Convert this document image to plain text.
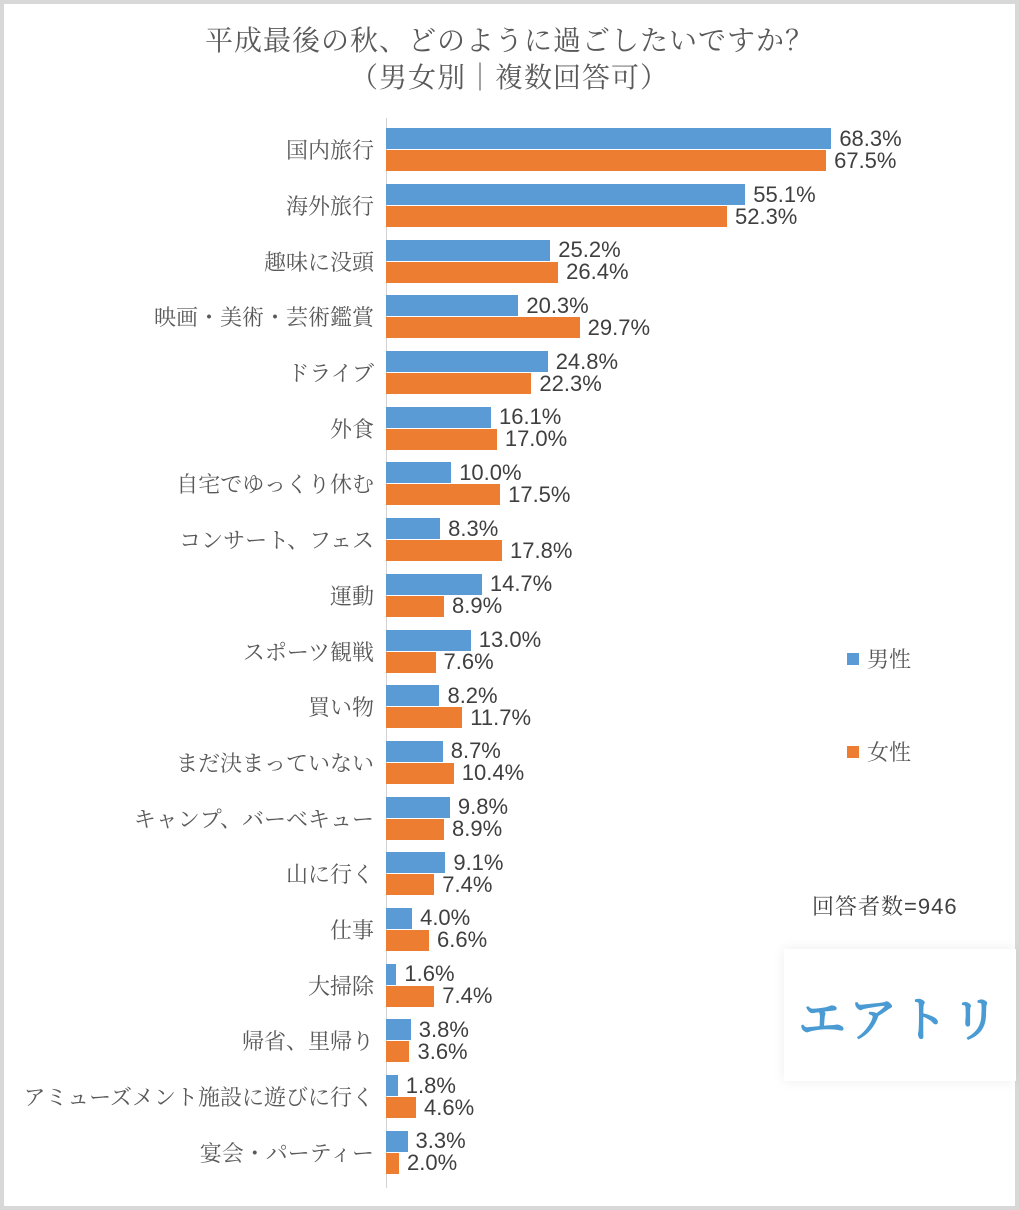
平成最後の秋、どのように過ごしたいですか？
（男女別｜複数回答可）
国内旅行	68.3%
67.5%
海外旅行	55.1%
52.3%
趣味に没頭	25.2%
26.4%
映画・美術・芸術鑑賞	20.3%
29.7%
ドライブ	24.8%
22.3%
外食	16.1%
17.0%
自宅でゆっくり休む	10.0%
17.5%
コンサート、フェス	8.3%
17.8%
運動	14.7%
8.9%
スポーツ観戦	13.0%
7.6%
買い物	8.2%
11.7%
まだ決まっていない	8.7%
10.4%
キャンプ、バーベキュー	9.8%
8.9%
山に行く	9.1%
7.4%
仕事	4.0%
6.6%
大掃除	1.6%
7.4%
帰省、里帰り	3.8%
3.6%
アミューズメント施設に遊びに行く	1.8%
4.6%
宴会・パーティー	3.3%
2.0%
男性
女性
回答者数=946
エアトリ
